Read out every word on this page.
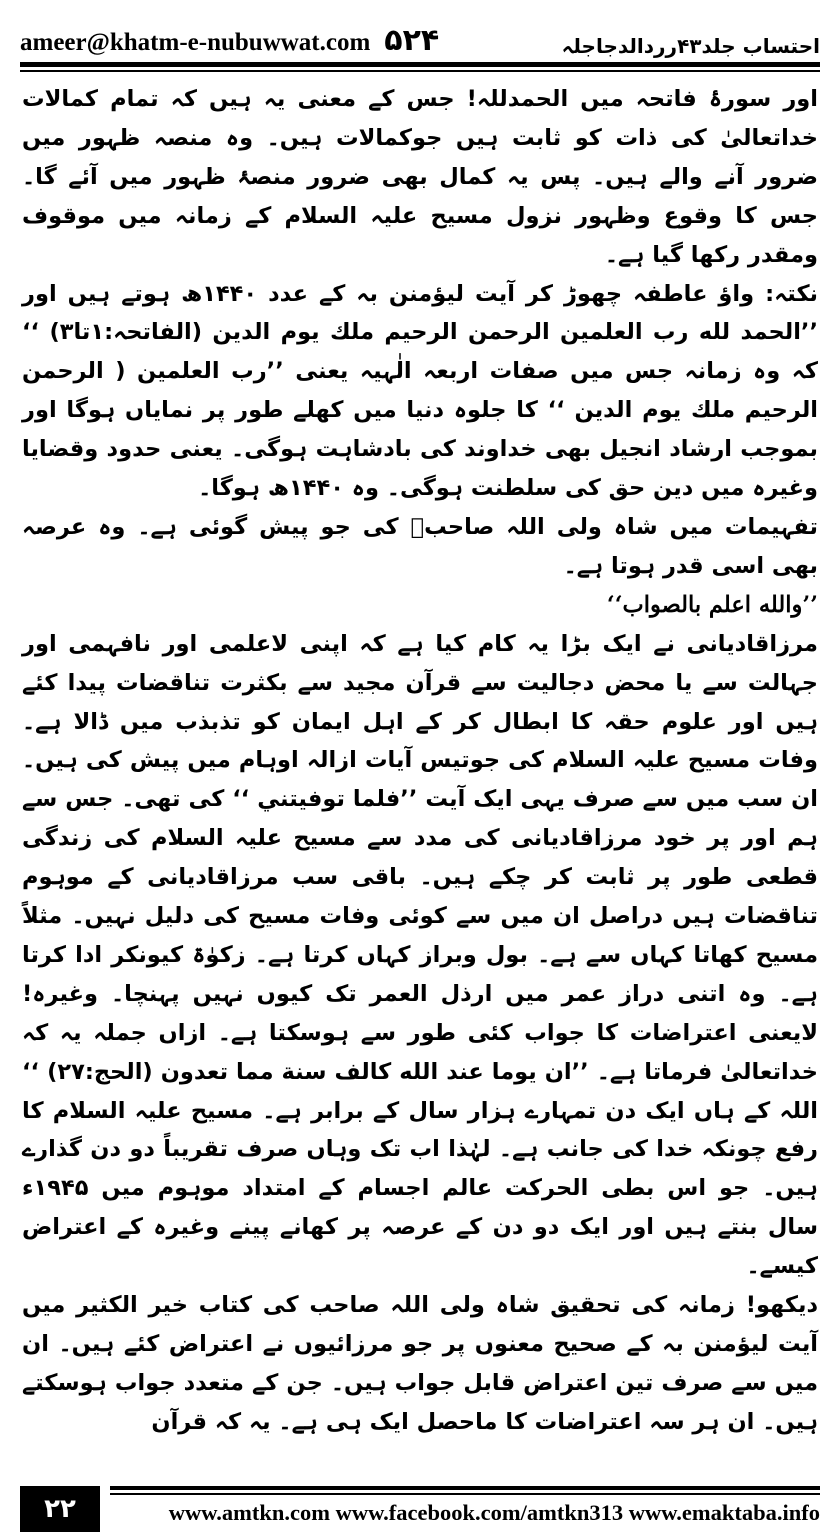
ameer@khatm-e-nubuwwat.com ۵۲۴	احتساب جلد۴۳رردالدجاجلہ

اور سورۂ فاتحہ میں الحمدللہ! جس کے معنی یہ ہیں کہ تمام کمالات خداتعالیٰ کی ذات کو ثابت ہیں جوکمالات ہیں۔ وہ منصہ ظہور میں ضرور آنے والے ہیں۔ پس یہ کمال بھی ضرور منصۂ ظہور میں آئے گا۔ جس کا وقوع وظہور نزول مسیح علیہ السلام کے زمانہ میں موقوف ومقدر رکھا گیا ہے۔

نکتہ: واؤ عاطفہ چھوڑ کر آیت لیؤمنن بہ کے عدد ۱۴۴۰ھ ہوتے ہیں اور ’’الحمد لله رب العلمين الرحمن الرحيم ملك يوم الدين (الفاتحہ:۱تا۳) ‘‘ کہ وہ زمانہ جس میں صفات اربعہ الٰہیہ یعنی ’’رب العلمين ( الرحمن الرحيم ملك يوم الدين ‘‘ کا جلوہ دنیا میں کھلے طور پر نمایاں ہوگا اور بموجب ارشاد انجیل بھی خداوند کی بادشاہت ہوگی۔ یعنی حدود وقضایا وغیرہ میں دین حق کی سلطنت ہوگی۔ وہ ۱۴۴۰ھ ہوگا۔

تفہیمات میں شاہ ولی اللہ صاحبؒ کی جو پیش گوئی ہے۔ وہ عرصہ بھی اسی قدر ہوتا ہے۔

’’والله اعلم بالصواب‘‘

مرزاقادیانی نے ایک بڑا یہ کام کیا ہے کہ اپنی لاعلمی اور نافہمی اور جہالت سے یا محض دجالیت سے قرآن مجید سے بکثرت تناقضات پیدا کئے ہیں اور علوم حقہ کا ابطال کر کے اہل ایمان کو تذبذب میں ڈالا ہے۔ وفات مسیح علیہ السلام کی جوتیس آیات ازالہ اوہام میں پیش کی ہیں۔ ان سب میں سے صرف یہی ایک آیت ’’فلما توفيتني ‘‘ کی تھی۔ جس سے ہم اور پر خود مرزاقادیانی کی مدد سے مسیح علیہ السلام کی زندگی قطعی طور پر ثابت کر چکے ہیں۔ باقی سب مرزاقادیانی کے موہوم تناقضات ہیں دراصل ان میں سے کوئی وفات مسیح کی دلیل نہیں۔ مثلاً مسیح کھاتا کہاں سے ہے۔ بول وبراز کہاں کرتا ہے۔ زکوٰۃ کیونکر ادا کرتا ہے۔ وہ اتنی دراز عمر میں ارذل العمر تک کیوں نہیں پہنچا۔ وغیرہ! لایعنی اعتراضات کا جواب کئی طور سے ہوسکتا ہے۔ ازاں جملہ یہ کہ خداتعالیٰ فرماتا ہے۔ ’’ان يوما عند الله كالف سنة مما تعدون (الحج:۲۷) ‘‘ اللہ کے ہاں ایک دن تمہارے ہزار سال کے برابر ہے۔ مسیح علیہ السلام کا رفع چونکہ خدا کی جانب ہے۔ لہٰذا اب تک وہاں صرف تقریباً دو دن گذارے ہیں۔ جو اس بطی الحرکت عالم اجسام کے امتداد موہوم میں ۱۹۴۵ء سال بنتے ہیں اور ایک دو دن کے عرصہ پر کھانے پینے وغیرہ کے اعتراض کیسے۔

دیکھو! زمانہ کی تحقیق شاہ ولی اللہ صاحب کی کتاب خیر الکثیر میں آیت لیؤمنن بہ کے صحیح معنوں پر جو مرزائیوں نے اعتراض کئے ہیں۔ ان میں سے صرف تین اعتراض قابل جواب ہیں۔ جن کے متعدد جواب ہوسکتے ہیں۔ ان ہر سہ اعتراضات کا ماحصل ایک ہی ہے۔ یہ کہ قرآن

۲۲	www.amtkn.com www.facebook.com/amtkn313 www.emaktaba.info
